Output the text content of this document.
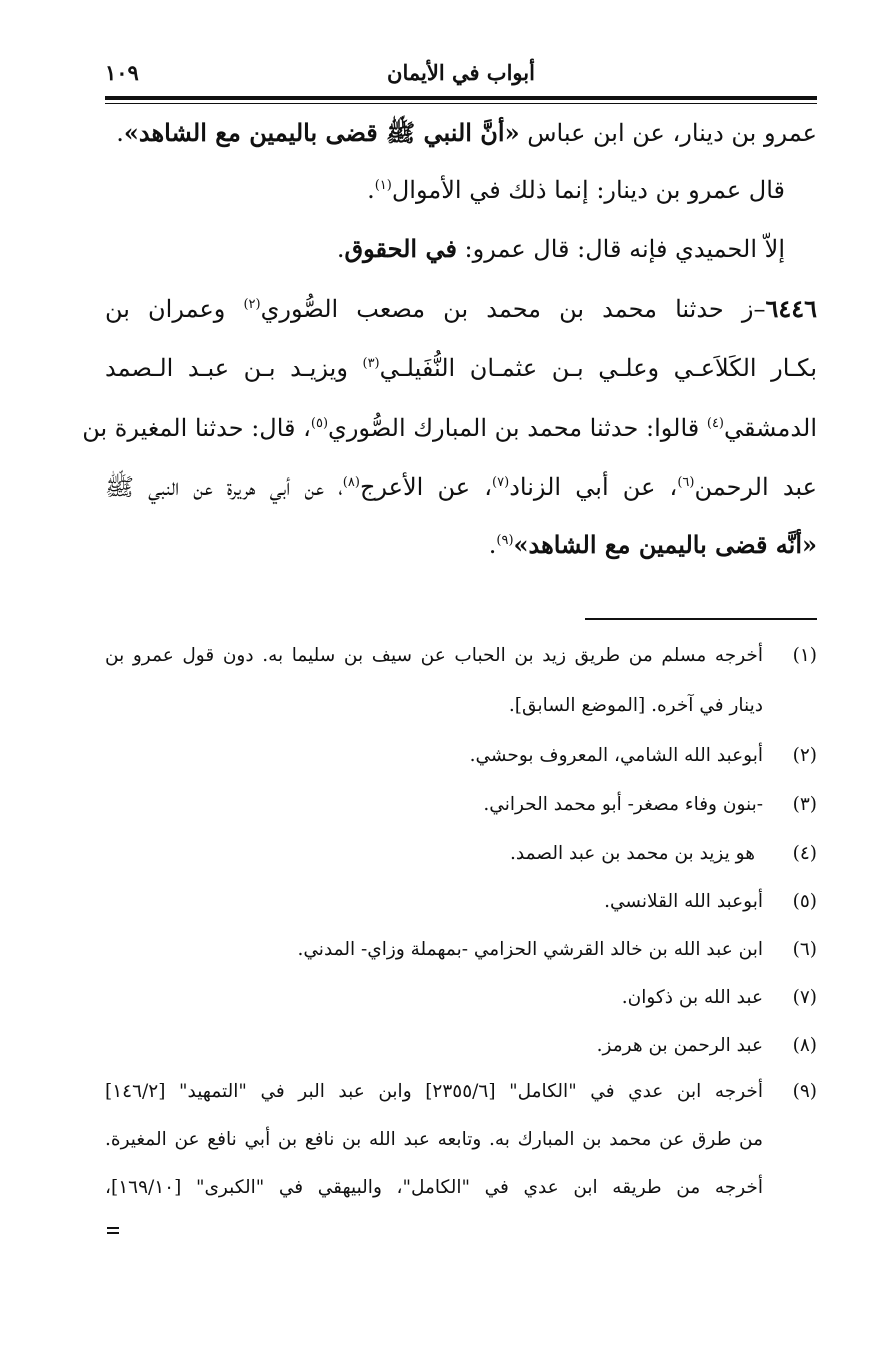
أبواب في الأيمان
١٠٩
عمرو بن دينار، عن ابن عباس «أنَّ النبي ﷺ قضى باليمين مع الشاهد».
قال عمرو بن دينار: إنما ذلك في الأموال$^{(١)}$.
إلاّ الحميدي فإنه قال: قال عمرو: في الحقوق.
٦٤٤٦–ز حدثنا محمد بن محمد بن مصعب الصُّوري$^{(٢)}$ وعمران بن
بكـار الكَلاَعـي وعلـي بـن عثمـان النُّفَيلـي$^{(٣)}$ ويزيـد بـن عبـد الـصمد
الدمشقي$^{(٤)}$ قالوا: حدثنا محمد بن المبارك الصُّوري$^{(٥)}$، قال: حدثنا المغيرة بن
عبد الرحمن$^{(٦)}$، عن أبي الزناد$^{(٧)}$، عن الأعرج$^{(٨)}$، عن أبي هريرة عن النبي ﷺ
«أنَّه قضى باليمين مع الشاهد»$^{(٩)}$.
(١)
أخرجه مسلم من طريق زيد بن الحباب عن سيف بن سليما به. دون قول عمرو بن
دينار في آخره. [الموضع السابق].
(٢)
أبوعبد الله الشامي، المعروف بوحشي.
(٣)
-بنون وفاء مصغر- أبو محمد الحراني.
(٤)
هو يزيد بن محمد بن عبد الصمد.
(٥)
أبوعبد الله القلانسي.
(٦)
ابن عبد الله بن خالد القرشي الحزامي -بمهملة وزاي- المدني.
(٧)
عبد الله بن ذكوان.
(٨)
عبد الرحمن بن هرمز.
(٩)
أخرجه ابن عدي في "الكامل" [٢٣٥٥/٦] وابن عبد البر في "التمهيد" [١٤٦/٢]
من طرق عن محمد بن المبارك به. وتابعه عبد الله بن نافع بن أبي نافع عن المغيرة.
أخرجه من طريقه ابن عدي في "الكامل"، والبيهقي في "الكبرى" [١٦٩/١٠]،
